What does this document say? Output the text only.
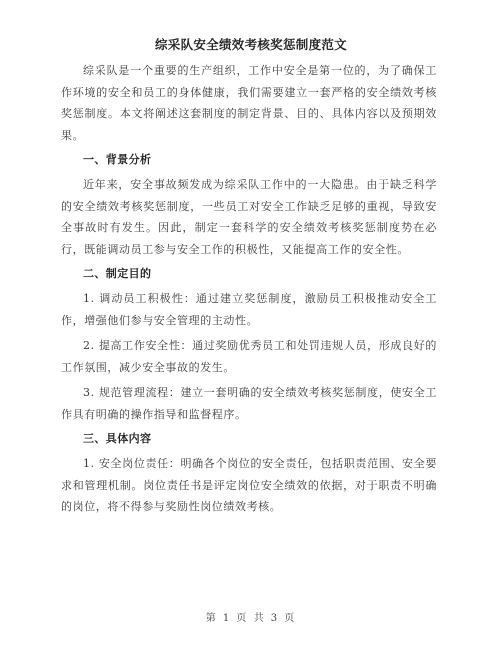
综采队安全绩效考核奖惩制度范文

综采队是一个重要的生产组织，工作中安全是第一位的，为了确保工作环境的安全和员工的身体健康，我们需要建立一套严格的安全绩效考核奖惩制度。本文将阐述这套制度的制定背景、目的、具体内容以及预期效果。

一、背景分析

近年来，安全事故频发成为综采队工作中的一大隐患。由于缺乏科学的安全绩效考核奖惩制度，一些员工对安全工作缺乏足够的重视，导致安全事故时有发生。因此，制定一套科学的安全绩效考核奖惩制度势在必行，既能调动员工参与安全工作的积极性，又能提高工作的安全性。

二、制定目的

1. 调动员工积极性：通过建立奖惩制度，激励员工积极推动安全工作，增强他们参与安全管理的主动性。

2. 提高工作安全性：通过奖励优秀员工和处罚违规人员，形成良好的工作氛围，减少安全事故的发生。

3. 规范管理流程：建立一套明确的安全绩效考核奖惩制度，使安全工作具有明确的操作指导和监督程序。

三、具体内容

1. 安全岗位责任：明确各个岗位的安全责任，包括职责范围、安全要求和管理机制。岗位责任书是评定岗位安全绩效的依据，对于职责不明确的岗位，将不得参与奖励性岗位绩效考核。

第 1 页 共 3 页
